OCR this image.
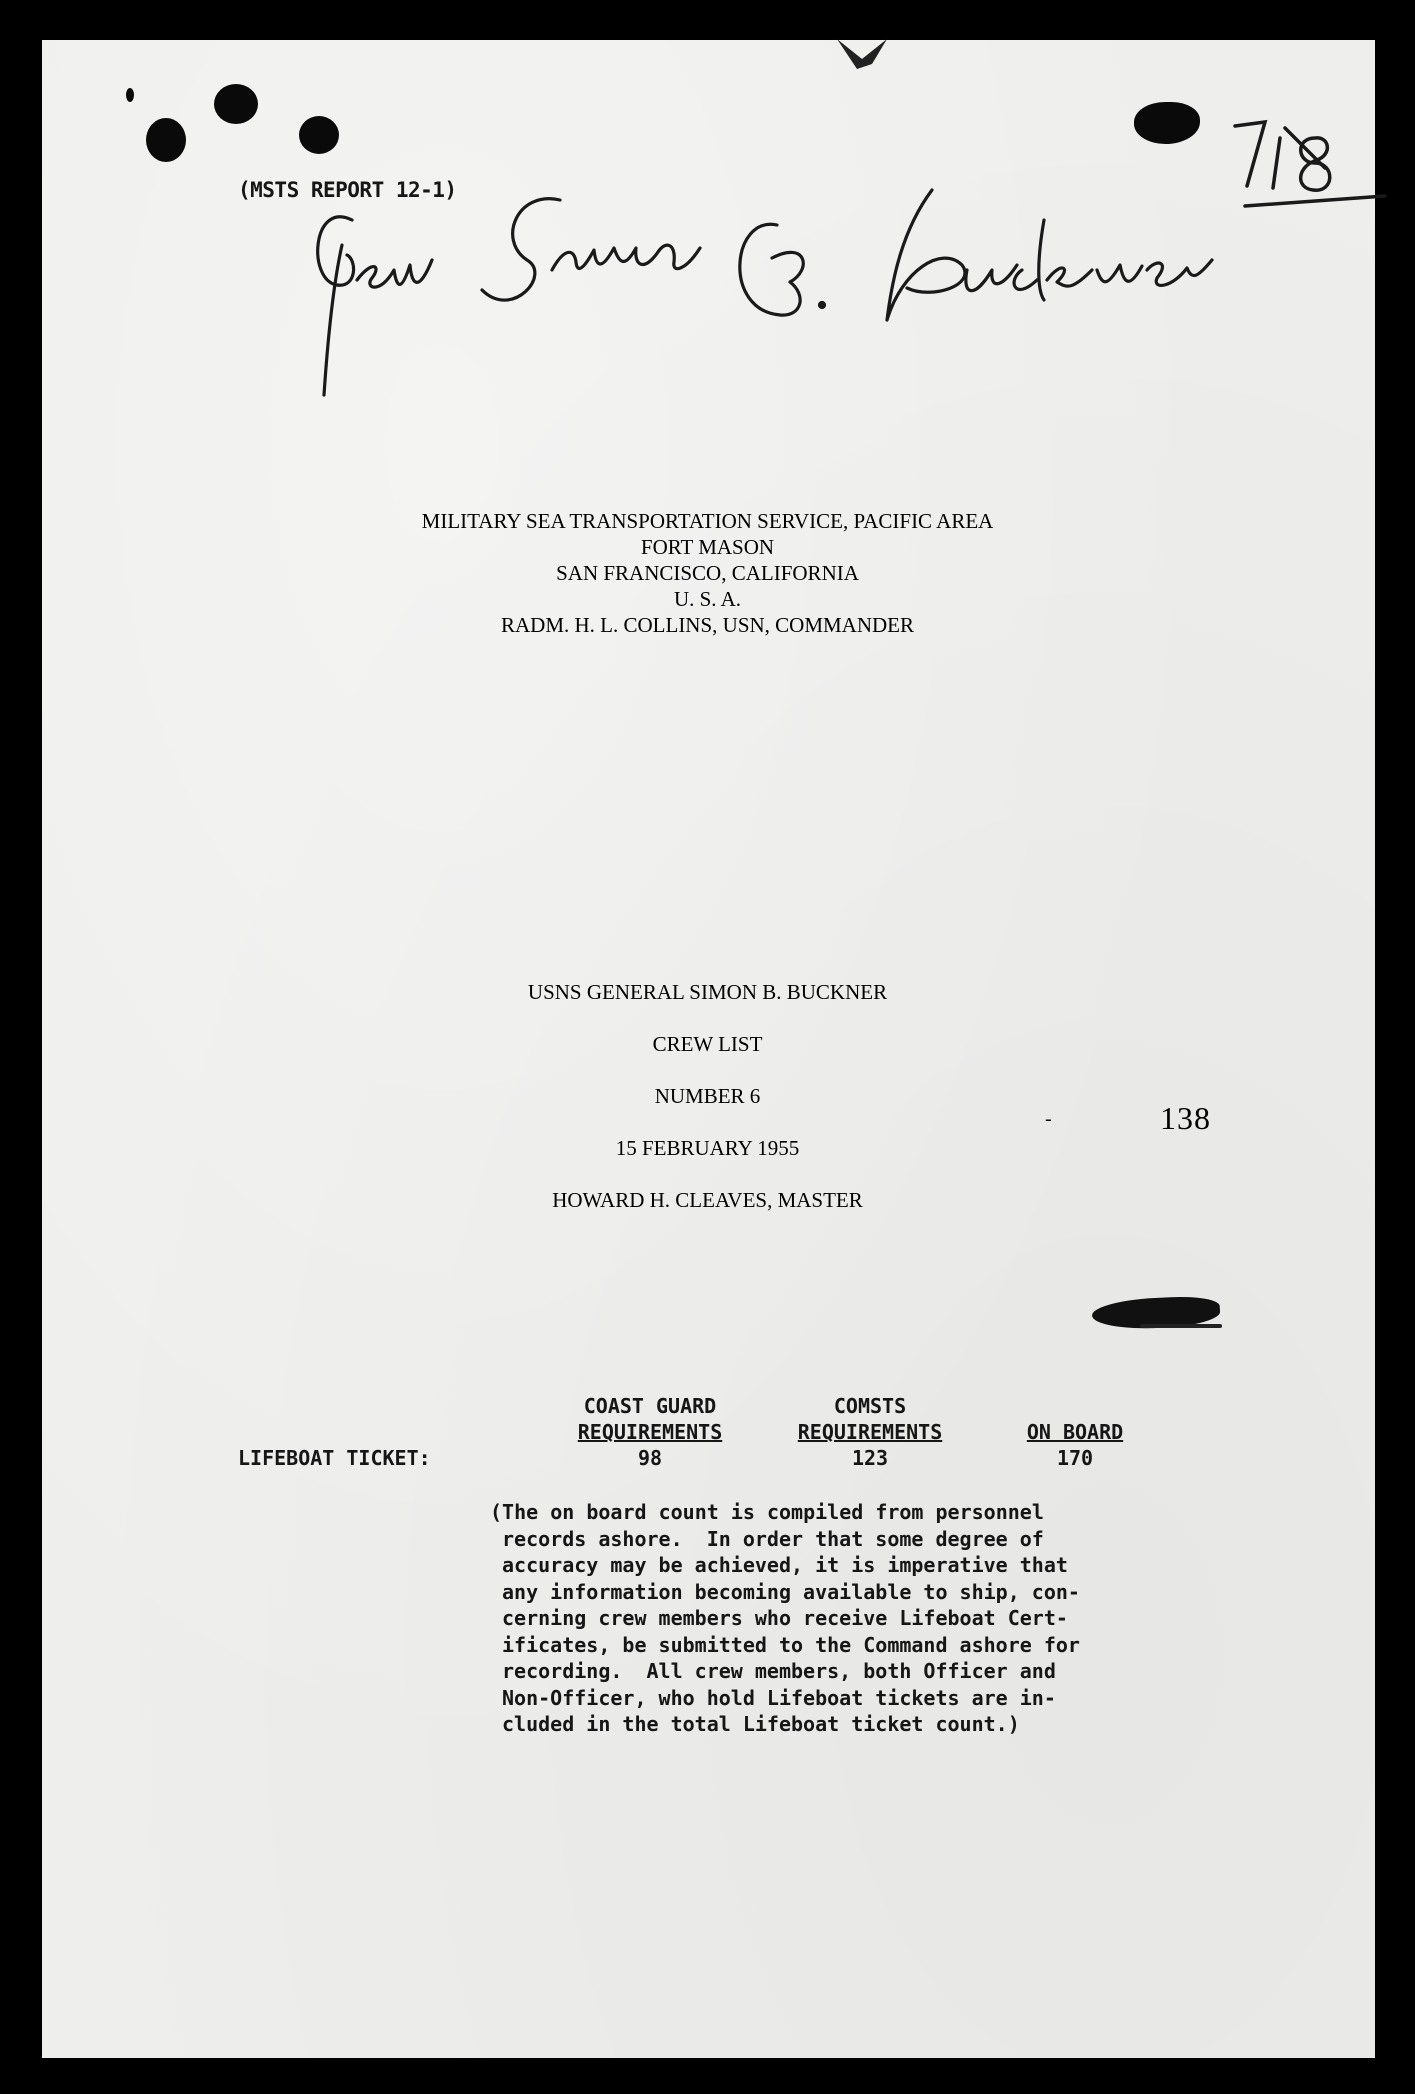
(MSTS REPORT 12-1)
MILITARY SEA TRANSPORTATION SERVICE, PACIFIC AREA
FORT MASON
SAN FRANCISCO, CALIFORNIA
U. S. A.
RADM. H. L. COLLINS, USN, COMMANDER
USNS GENERAL SIMON B. BUCKNER
CREW LIST
NUMBER 6
15 FEBRUARY 1955
HOWARD H. CLEAVES, MASTER
-	138
LIFEBOAT TICKET:
COAST GUARD
REQUIREMENTS
98
COMSTS
REQUIREMENTS
123
ON BOARD
170
(The on board count is compiled from personnel
records ashore.  In order that some degree of
accuracy may be achieved, it is imperative that
any information becoming available to ship, con-
cerning crew members who receive Lifeboat Cert-
ificates, be submitted to the Command ashore for
recording.  All crew members, both Officer and
Non-Officer, who hold Lifeboat tickets are in-
cluded in the total Lifeboat ticket count.)
